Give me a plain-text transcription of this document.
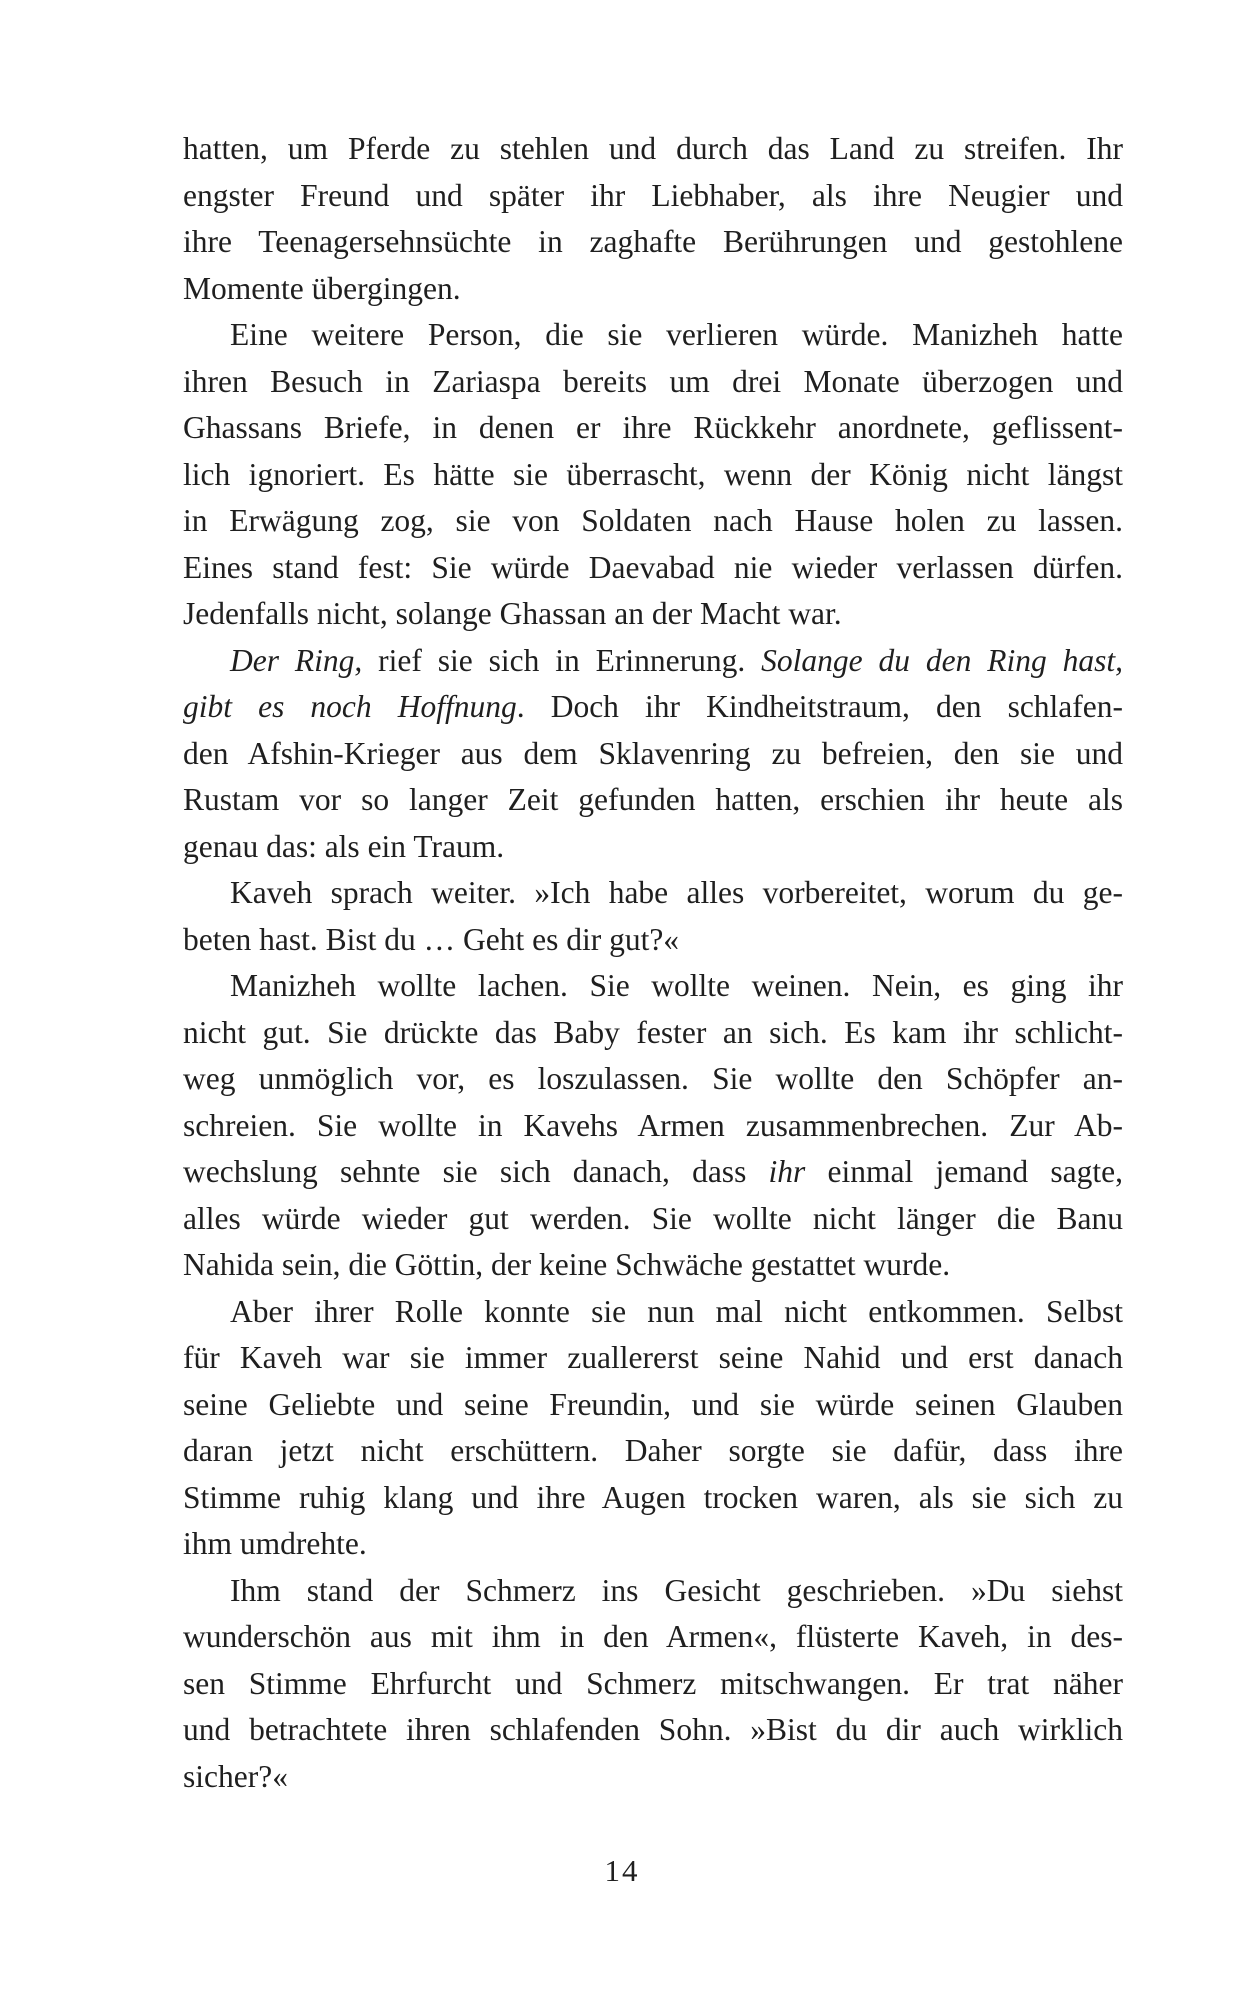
hatten, um Pferde zu stehlen und durch das Land zu streifen. Ihr
engster Freund und später ihr Liebhaber, als ihre Neugier und
ihre Teenagersehnsüchte in zaghafte Berührungen und gestohlene
Momente übergingen.
Eine weitere Person, die sie verlieren würde. Manizheh hatte
ihren Besuch in Zariaspa bereits um drei Monate überzogen und
Ghassans Briefe, in denen er ihre Rückkehr anordnete, geflissent-
lich ignoriert. Es hätte sie überrascht, wenn der König nicht längst
in Erwägung zog, sie von Soldaten nach Hause holen zu lassen.
Eines stand fest: Sie würde Daevabad nie wieder verlassen dürfen.
Jedenfalls nicht, solange Ghassan an der Macht war.
Der Ring, rief sie sich in Erinnerung. Solange du den Ring hast,
gibt es noch Hoffnung. Doch ihr Kindheitstraum, den schlafen-
den Afshin-Krieger aus dem Sklavenring zu befreien, den sie und
Rustam vor so langer Zeit gefunden hatten, erschien ihr heute als
genau das: als ein Traum.
Kaveh sprach weiter. »Ich habe alles vorbereitet, worum du ge-
beten hast. Bist du … Geht es dir gut?«
Manizheh wollte lachen. Sie wollte weinen. Nein, es ging ihr
nicht gut. Sie drückte das Baby fester an sich. Es kam ihr schlicht-
weg unmöglich vor, es loszulassen. Sie wollte den Schöpfer an-
schreien. Sie wollte in Kavehs Armen zusammenbrechen. Zur Ab-
wechslung sehnte sie sich danach, dass ihr einmal jemand sagte,
alles würde wieder gut werden. Sie wollte nicht länger die Banu
Nahida sein, die Göttin, der keine Schwäche gestattet wurde.
Aber ihrer Rolle konnte sie nun mal nicht entkommen. Selbst
für Kaveh war sie immer zuallererst seine Nahid und erst danach
seine Geliebte und seine Freundin, und sie würde seinen Glauben
daran jetzt nicht erschüttern. Daher sorgte sie dafür, dass ihre
Stimme ruhig klang und ihre Augen trocken waren, als sie sich zu
ihm umdrehte.
Ihm stand der Schmerz ins Gesicht geschrieben. »Du siehst
wunderschön aus mit ihm in den Armen«, flüsterte Kaveh, in des-
sen Stimme Ehrfurcht und Schmerz mitschwangen. Er trat näher
und betrachtete ihren schlafenden Sohn. »Bist du dir auch wirklich
sicher?«
14
